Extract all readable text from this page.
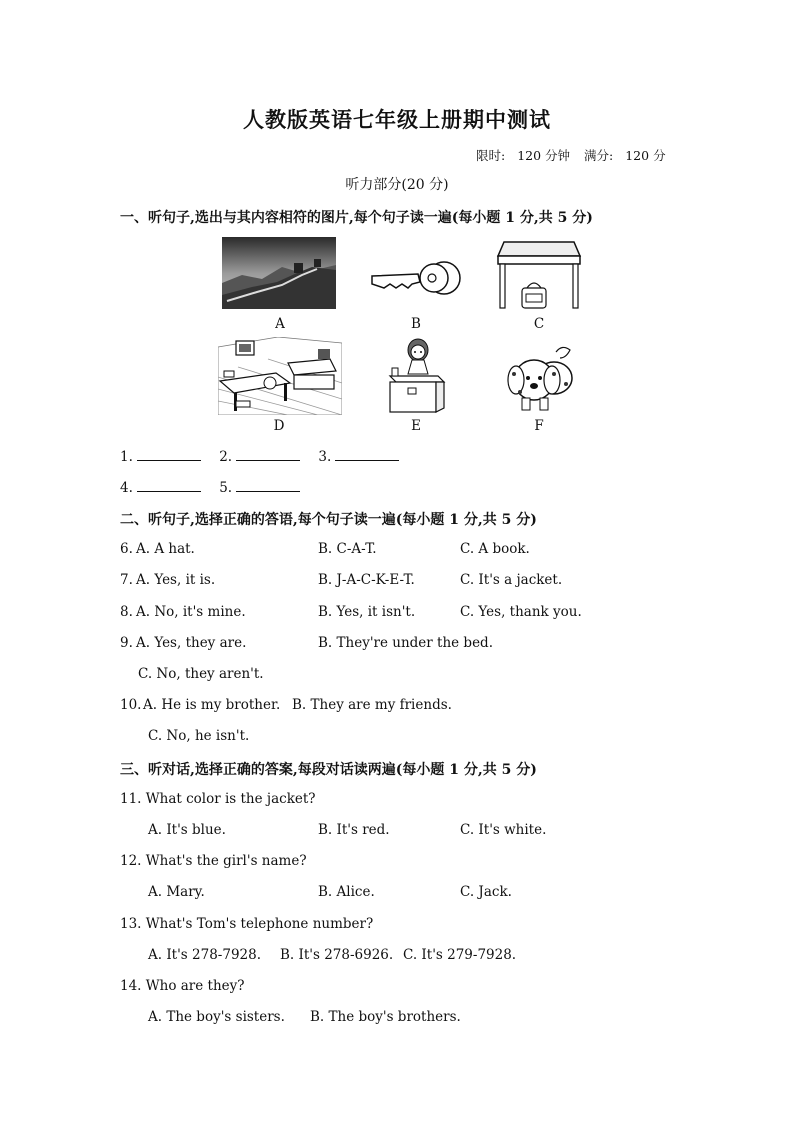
人教版英语七年级上册期中测试
限时: 120 分钟 满分: 120 分
听力部分(20 分)
一、听句子,选出与其内容相符的图片,每个句子读一遍(每小题 1 分,共 5 分)
A	B	C
D	E	F
1.	2.	3.
4.	5.
二、听句子,选择正确的答语,每个句子读一遍(每小题 1 分,共 5 分)
6. A. A hat.	B. C-A-T.	C. A book.
7. A. Yes, it is.	B. J-A-C-K-E-T.	C. It's a jacket.
8. A. No, it's mine.	B. Yes, it isn't.	C. Yes, thank you.
9. A. Yes, they are.	B. They're under the bed.
C. No, they aren't.
10. A. He is my brother. B. They are my friends.
C. No, he isn't.
三、听对话,选择正确的答案,每段对话读两遍(每小题 1 分,共 5 分)
11. What color is the jacket?
A. It's blue.	B. It's red.	C. It's white.
12. What's the girl's name?
A. Mary.	B. Alice.	C. Jack.
13. What's Tom's telephone number?
A. It's 278-7928. B. It's 278-6926. C. It's 279-7928.
14. Who are they?
A. The boy's sisters. B. The boy's brothers.
